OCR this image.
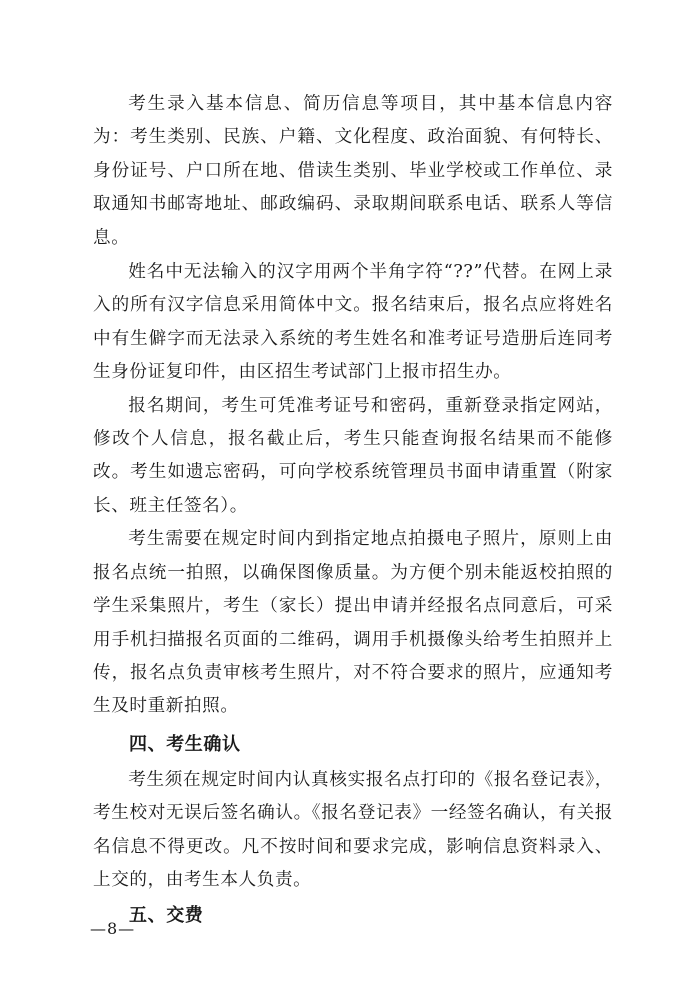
考生录入基本信息、简历信息等项目，其中基本信息内容为：考生类别、民族、户籍、文化程度、政治面貌、有何特长、身份证号、户口所在地、借读生类别、毕业学校或工作单位、录取通知书邮寄地址、邮政编码、录取期间联系电话、联系人等信息。

姓名中无法输入的汉字用两个半角字符“??”代替。在网上录入的所有汉字信息采用简体中文。报名结束后，报名点应将姓名中有生僻字而无法录入系统的考生姓名和准考证号造册后连同考生身份证复印件，由区招生考试部门上报市招生办。

报名期间，考生可凭准考证号和密码，重新登录指定网站，修改个人信息，报名截止后，考生只能查询报名结果而不能修改。考生如遗忘密码，可向学校系统管理员书面申请重置（附家长、班主任签名）。

考生需要在规定时间内到指定地点拍摄电子照片，原则上由报名点统一拍照，以确保图像质量。为方便个别未能返校拍照的学生采集照片，考生（家长）提出申请并经报名点同意后，可采用手机扫描报名页面的二维码，调用手机摄像头给考生拍照并上传，报名点负责审核考生照片，对不符合要求的照片，应通知考生及时重新拍照。

四、考生确认

考生须在规定时间内认真核实报名点打印的《报名登记表》，考生校对无误后签名确认。《报名登记表》一经签名确认，有关报名信息不得更改。凡不按时间和要求完成，影响信息资料录入、上交的，由考生本人负责。

五、交费
—8—
